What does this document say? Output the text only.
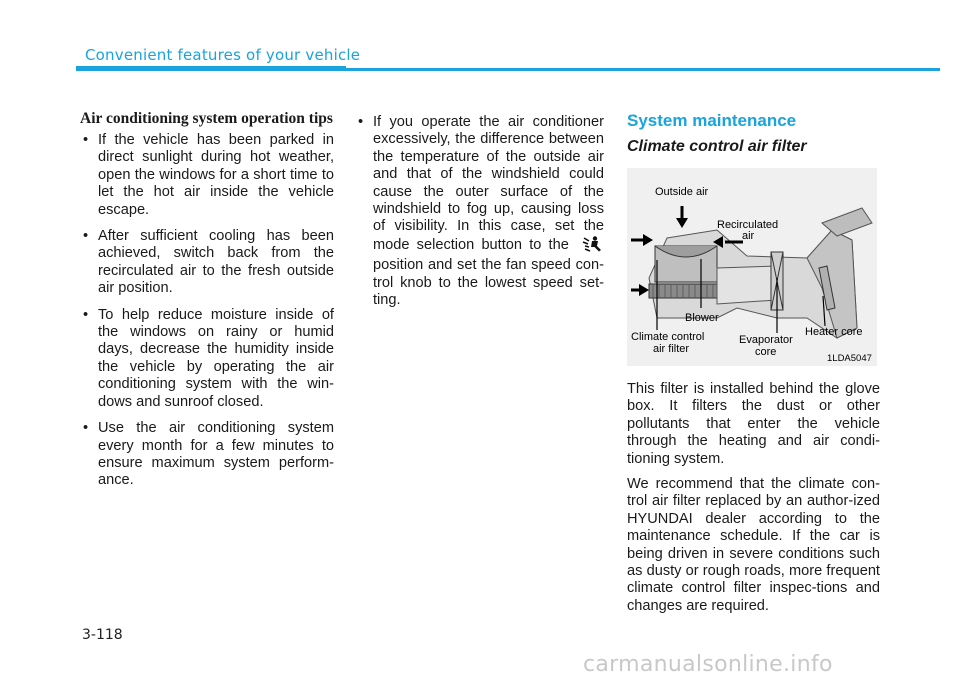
Convenient features of your vehicle
Air conditioning system operation tips
• If the vehicle has been parked in direct sunlight during hot weather, open the windows for a short time to let the hot air inside the vehicle escape.
• After sufficient cooling has been achieved, switch back from the recirculated air to the fresh outside air position.
• To help reduce moisture inside of the windows on rainy or humid days, decrease the humidity inside the vehicle by operating the air conditioning system with the win-dows and sunroof closed.
• Use the air conditioning system every month for a few minutes to ensure maximum system perform-ance.
• If you operate the air conditioner excessively, the difference between the temperature of the outside air and that of the windshield could cause the outer surface of the windshield to fog up, causing loss of visibility. In this case, set the mode selection button to the  position and set the fan speed con-trol knob to the lowest speed set-ting.
System maintenance
Climate control air filter
Outside air
Recirculated
air
Blower
Climate control
air filter
Evaporator
core
Heater core
1LDA5047

This filter is installed behind the glove box. It filters the dust or other pollutants that enter the vehicle through the heating and air condi-tioning system.

We recommend that the climate con-trol air filter replaced by an author-ized HYUNDAI dealer according to the maintenance schedule. If the car is being driven in severe conditions such as dusty or rough roads, more frequent climate control filter inspec-tions and changes are required.

3-118
carmanualsonline.info
